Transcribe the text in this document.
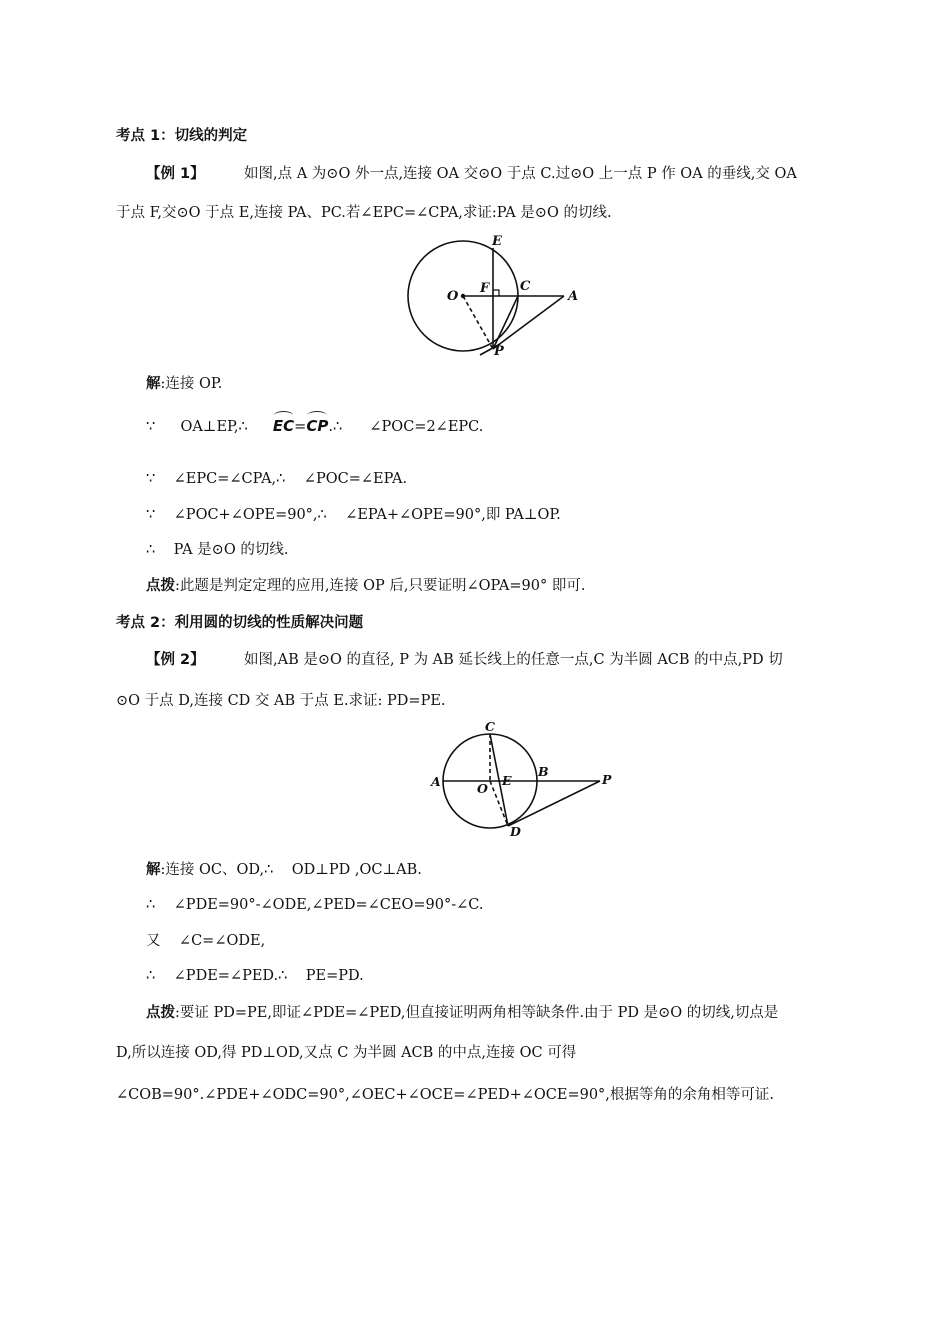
考点 1：切线的判定
【例 1】	如图,点 A 为⊙O 外一点,连接 OA 交⊙O 于点 C.过⊙O 上一点 P 作 OA 的垂线,交 OA
于点 F,交⊙O 于点 E,连接 PA、PC.若∠EPC=∠CPA,求证:PA 是⊙O 的切线.
O
F C
A
E
P
解:连接 OP.
∵ OA⊥EP,∴ EC=CP.∴ ∠POC=2∠EPC.
∵    ∠EPC=∠CPA,∴    ∠POC=∠EPA.
∵    ∠POC+∠OPE=90°,∴    ∠EPA+∠OPE=90°,即 PA⊥OP.
∴    PA 是⊙O 的切线.
点拨:此题是判定定理的应用,连接 OP 后,只要证明∠OPA=90° 即可.
考点 2：利用圆的切线的性质解决问题
【例 2】	如图,AB 是⊙O 的直径, P 为 AB 延长线上的任意一点,C 为半圆 ACB 的中点,PD 切
⊙O 于点 D,连接 CD 交 AB 于点 E.求证: PD=PE.
A	O
E
B
P
C
D
解:连接 OC、OD,∴    OD⊥PD ,OC⊥AB.
∴    ∠PDE=90°-∠ODE,∠PED=∠CEO=90°-∠C.
又    ∠C=∠ODE,
∴    ∠PDE=∠PED.∴    PE=PD.
点拨:要证 PD=PE,即证∠PDE=∠PED,但直接证明两角相等缺条件.由于 PD 是⊙O 的切线,切点是
D,所以连接 OD,得 PD⊥OD,又点 C 为半圆 ACB 的中点,连接 OC 可得
∠COB=90°.∠PDE+∠ODC=90°,∠OEC+∠OCE=∠PED+∠OCE=90°,根据等角的余角相等可证.
